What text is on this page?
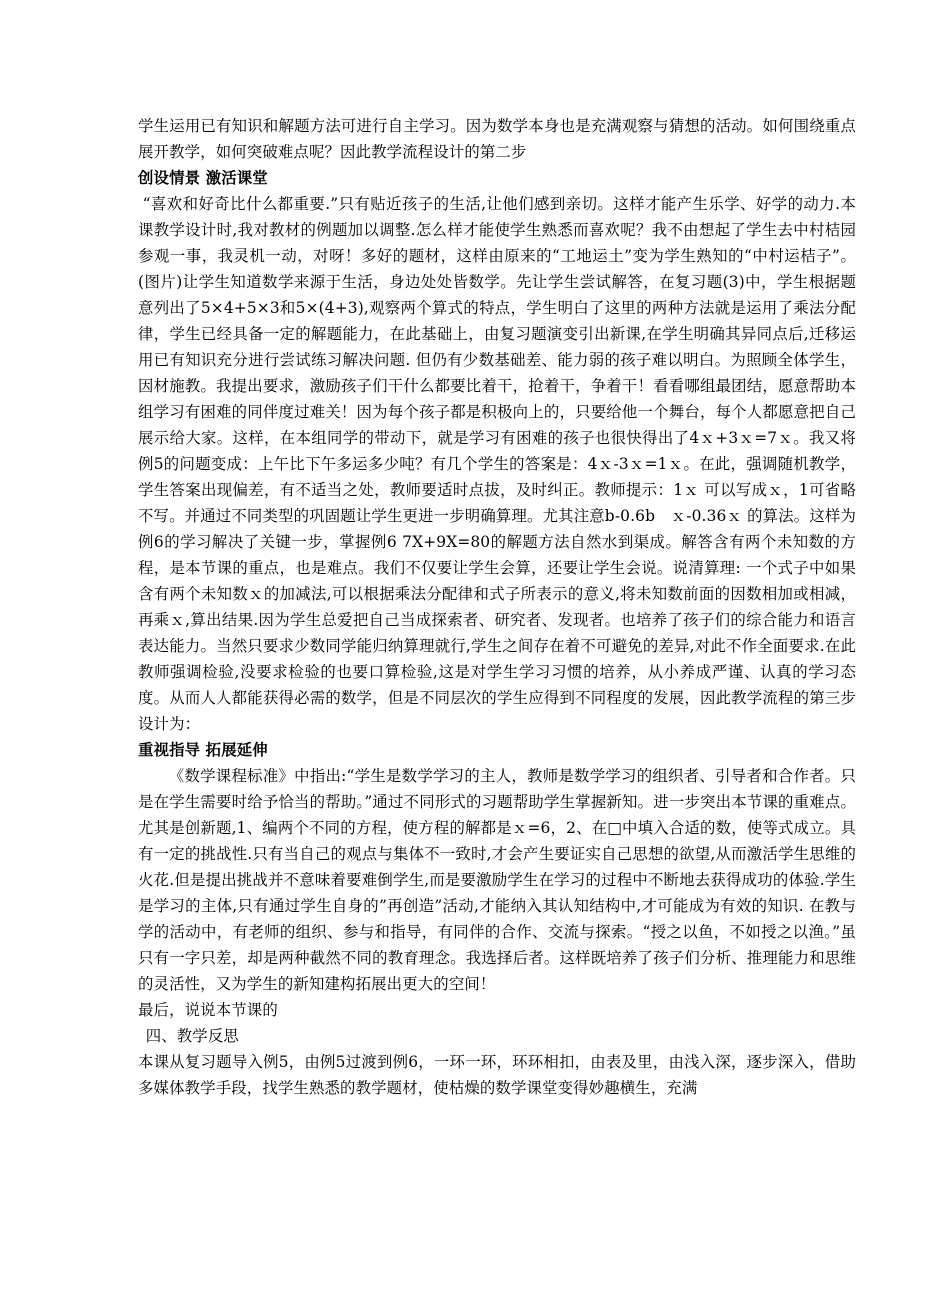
学生运用已有知识和解题方法可进行自主学习。因为数学本身也是充满观察与猜想的活动。如何围绕重点展开教学，如何突破难点呢？因此教学流程设计的第二步

创设情景 激活课堂

“喜欢和好奇比什么都重要.”只有贴近孩子的生活,让他们感到亲切。这样才能产生乐学、好学的动力.本课教学设计时,我对教材的例题加以调整.怎么样才能使学生熟悉而喜欢呢？我不由想起了学生去中村桔园参观一事，我灵机一动，对呀！多好的题材，这样由原来的“工地运土”变为学生熟知的“中村运桔子”。(图片)让学生知道数学来源于生活，身边处处皆数学。先让学生尝试解答，在复习题(3)中，学生根据题意列出了5×4+5×3和5×(4+3),观察两个算式的特点，学生明白了这里的两种方法就是运用了乘法分配律，学生已经具备一定的解题能力，在此基础上，由复习题演变引出新课,在学生明确其异同点后,迁移运用已有知识充分进行尝试练习解决问题. 但仍有少数基础差、能力弱的孩子难以明白。为照顾全体学生，因材施教。我提出要求，激励孩子们干什么都要比着干，抢着干，争着干！看看哪组最团结，愿意帮助本组学习有困难的同伴度过难关！因为每个孩子都是积极向上的，只要给他一个舞台，每个人都愿意把自己展示给大家。这样，在本组同学的带动下，就是学习有困难的孩子也很快得出了4ｘ+3ｘ=7ｘ。我又将例5的问题变成：上午比下午多运多少吨？有几个学生的答案是：4ｘ-3ｘ=1ｘ。在此，强调随机教学，学生答案出现偏差，有不适当之处，教师要适时点拔，及时纠正。教师提示：1ｘ 可以写成ｘ，1可省略不写。并通过不同类型的巩固题让学生更进一步明确算理。尤其注意b-0.6b　ｘ-0.36ｘ 的算法。这样为例6的学习解决了关键一步，掌握例6 7X+9X=80的解题方法自然水到渠成。解答含有两个未知数的方程，是本节课的重点，也是难点。我们不仅要让学生会算，还要让学生会说。说清算理: 一个式子中如果含有两个未知数ｘ的加减法,可以根据乘法分配律和式子所表示的意义,将未知数前面的因数相加或相减，再乘ｘ,算出结果.因为学生总爱把自己当成探索者、研究者、发现者。也培养了孩子们的综合能力和语言表达能力。当然只要求少数同学能归纳算理就行,学生之间存在着不可避免的差异,对此不作全面要求.在此教师强调检验,没要求检验的也要口算检验,这是对学生学习习惯的培养，从小养成严谨、认真的学习态度。从而人人都能获得必需的数学，但是不同层次的学生应得到不同程度的发展，因此教学流程的第三步设计为：

重视指导 拓展延伸

《数学课程标准》中指出:“学生是数学学习的主人，教师是数学学习的组织者、引导者和合作者。只是在学生需要时给予恰当的帮助。”通过不同形式的习题帮助学生掌握新知。进一步突出本节课的重难点。尤其是创新题,1、编两个不同的方程，使方程的解都是ｘ=6，2、在□中填入合适的数，使等式成立。具有一定的挑战性.只有当自己的观点与集体不一致时,才会产生要证实自己思想的欲望,从而激活学生思维的火花.但是提出挑战并不意味着要难倒学生,而是要激励学生在学习的过程中不断地去获得成功的体验.学生是学习的主体,只有通过学生自身的”再创造”活动,才能纳入其认知结构中,才可能成为有效的知识. 在教与学的活动中，有老师的组织、参与和指导，有同伴的合作、交流与探索。“授之以鱼，不如授之以渔。”虽只有一字只差，却是两种截然不同的教育理念。我选择后者。这样既培养了孩子们分析、推理能力和思维的灵活性，又为学生的新知建构拓展出更大的空间！

最后，说说本节课的

四、教学反思

本课从复习题导入例5，由例5过渡到例6，一环一环，环环相扣，由表及里，由浅入深，逐步深入，借助多媒体教学手段，找学生熟悉的教学题材，使枯燥的数学课堂变得妙趣横生，充满
